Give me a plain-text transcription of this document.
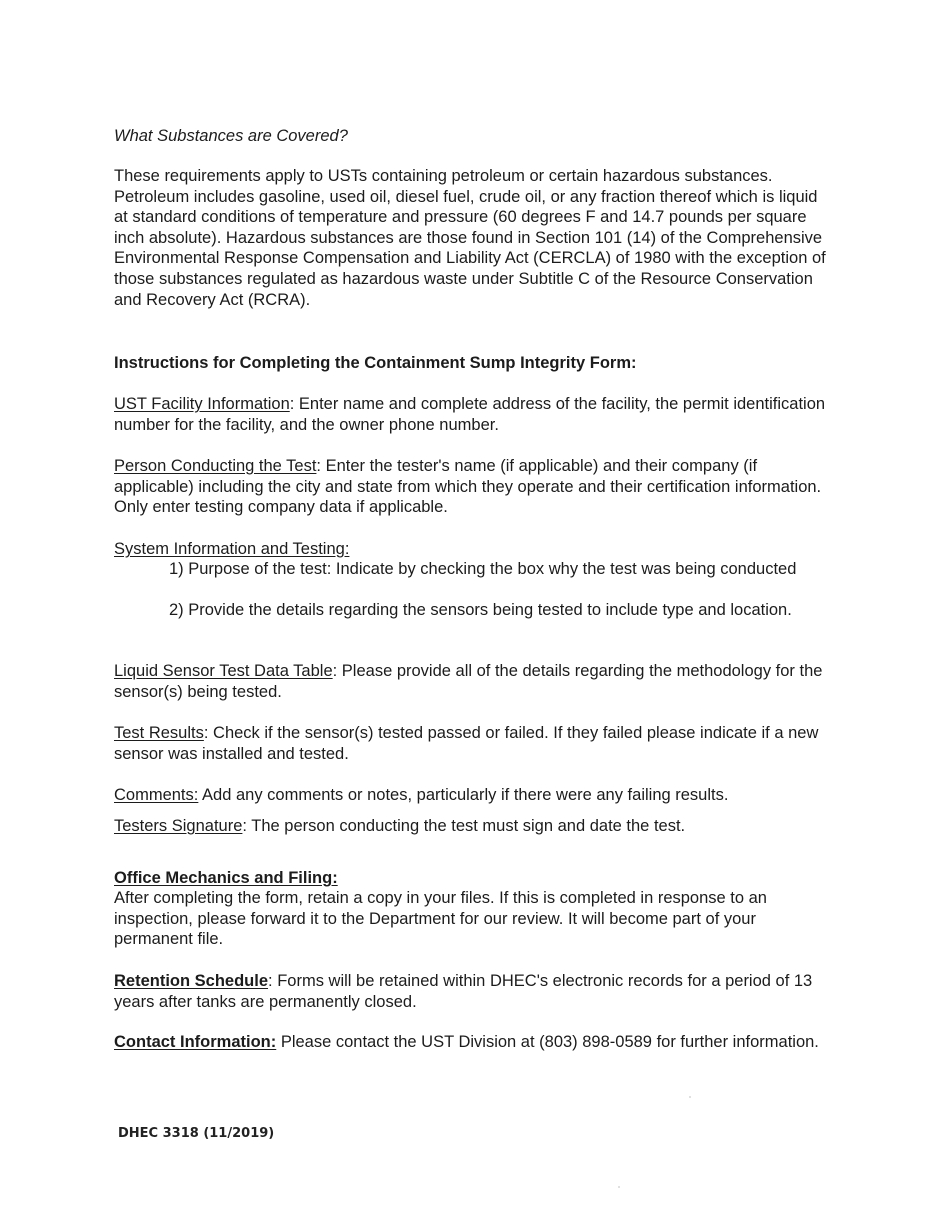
What Substances are Covered?

These requirements apply to USTs containing petroleum or certain hazardous substances. Petroleum includes gasoline, used oil, diesel fuel, crude oil, or any fraction thereof which is liquid at standard conditions of temperature and pressure (60 degrees F and 14.7 pounds per square inch absolute). Hazardous substances are those found in Section 101 (14) of the Comprehensive Environmental Response Compensation and Liability Act (CERCLA) of 1980 with the exception of those substances regulated as hazardous waste under Subtitle C of the Resource Conservation and Recovery Act (RCRA).

Instructions for Completing the Containment Sump Integrity Form:

UST Facility Information: Enter name and complete address of the facility, the permit identification number for the facility, and the owner phone number.

Person Conducting the Test: Enter the tester's name (if applicable) and their company (if applicable) including the city and state from which they operate and their certification information. Only enter testing company data if applicable.

System Information and Testing:

1) Purpose of the test: Indicate by checking the box why the test was being conducted

2) Provide the details regarding the sensors being tested to include type and location.

Liquid Sensor Test Data Table: Please provide all of the details regarding the methodology for the sensor(s) being tested.

Test Results: Check if the sensor(s) tested passed or failed. If they failed please indicate if a new sensor was installed and tested.

Comments: Add any comments or notes, particularly if there were any failing results.

Testers Signature: The person conducting the test must sign and date the test.

Office Mechanics and Filing:

After completing the form, retain a copy in your files. If this is completed in response to an inspection, please forward it to the Department for our review. It will become part of your permanent file.

Retention Schedule: Forms will be retained within DHEC's electronic records for a period of 13 years after tanks are permanently closed.

Contact Information: Please contact the UST Division at (803) 898-0589 for further information.

DHEC 3318 (11/2019)
